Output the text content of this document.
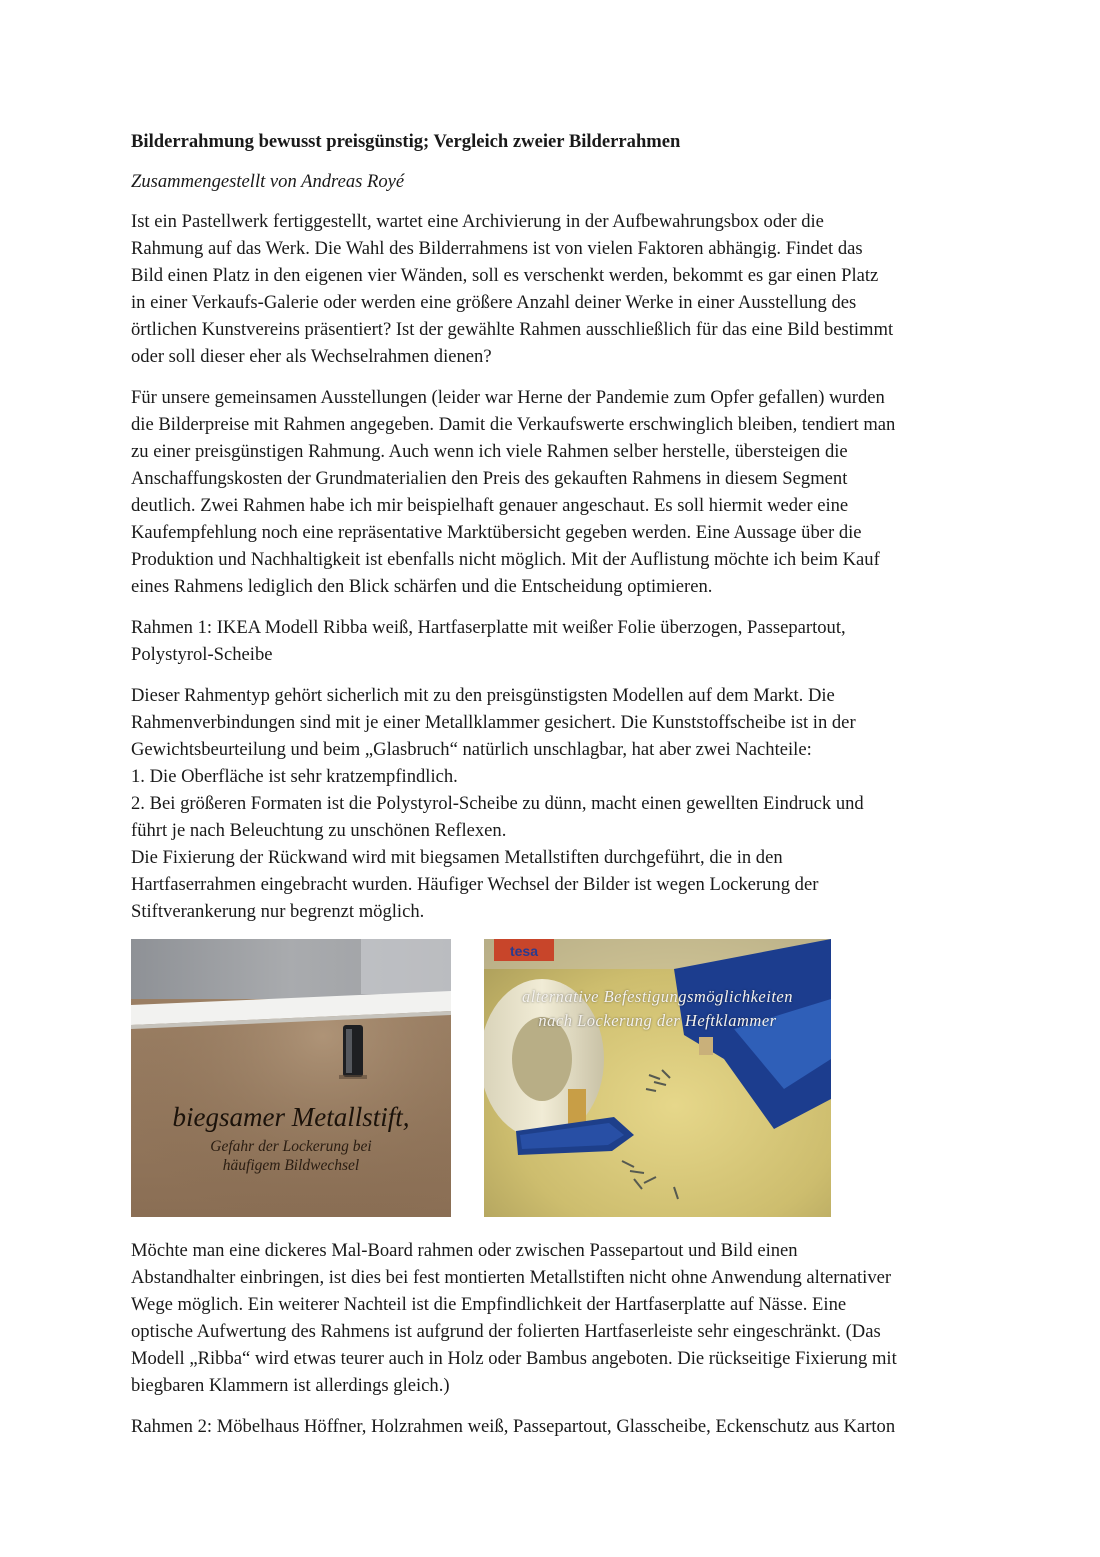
Bilderrahmung bewusst preisgünstig; Vergleich zweier Bilderrahmen
Zusammengestellt von Andreas Royé
Ist ein Pastellwerk fertiggestellt, wartet eine Archivierung in der Aufbewahrungsbox oder die
Rahmung auf das Werk. Die Wahl des Bilderrahmens ist von vielen Faktoren abhängig. Findet das
Bild einen Platz in den eigenen vier Wänden, soll es verschenkt werden, bekommt es gar einen Platz
in einer Verkaufs-Galerie oder werden eine größere Anzahl deiner Werke in einer Ausstellung des
örtlichen Kunstvereins präsentiert? Ist der gewählte Rahmen ausschließlich für das eine Bild bestimmt
oder soll dieser eher als Wechselrahmen dienen?
Für unsere gemeinsamen Ausstellungen (leider war Herne der Pandemie zum Opfer gefallen) wurden
die Bilderpreise mit Rahmen angegeben. Damit die Verkaufswerte erschwinglich bleiben, tendiert man
zu einer preisgünstigen Rahmung. Auch wenn ich viele Rahmen selber herstelle, übersteigen die
Anschaffungskosten der Grundmaterialien den Preis des gekauften Rahmens in diesem Segment
deutlich. Zwei Rahmen habe ich mir beispielhaft genauer angeschaut. Es soll hiermit weder eine
Kaufempfehlung noch eine repräsentative Marktübersicht gegeben werden. Eine Aussage über die
Produktion und Nachhaltigkeit ist ebenfalls nicht möglich. Mit der Auflistung möchte ich beim Kauf
eines Rahmens lediglich den Blick schärfen und die Entscheidung optimieren.
Rahmen 1: IKEA Modell Ribba weiß, Hartfaserplatte mit weißer Folie überzogen, Passepartout,
Polystyrol-Scheibe
Dieser Rahmentyp gehört sicherlich mit zu den preisgünstigsten Modellen auf dem Markt. Die
Rahmenverbindungen sind mit je einer Metallklammer gesichert. Die Kunststoffscheibe ist in der
Gewichtsbeurteilung und beim „Glasbruch“ natürlich unschlagbar, hat aber zwei Nachteile:
1. Die Oberfläche ist sehr kratzempfindlich.
2. Bei größeren Formaten ist die Polystyrol-Scheibe zu dünn, macht einen gewellten Eindruck und
führt je nach Beleuchtung zu unschönen Reflexen.
Die Fixierung der Rückwand wird mit biegsamen Metallstiften durchgeführt, die in den
Hartfaserrahmen eingebracht wurden. Häufiger Wechsel der Bilder ist wegen Lockerung der
Stiftverankerung nur begrenzt möglich.
biegsamer Metallstift,
Gefahr der Lockerung bei
häufigem Bildwechsel
tesa
alternative Befestigungsmöglichkeiten
nach Lockerung der Heftklammer
Möchte man eine dickeres Mal-Board rahmen oder zwischen Passepartout und Bild einen
Abstandhalter einbringen, ist dies bei fest montierten Metallstiften nicht ohne Anwendung alternativer
Wege möglich. Ein weiterer Nachteil ist die Empfindlichkeit der Hartfaserplatte auf Nässe. Eine
optische Aufwertung des Rahmens ist aufgrund der folierten Hartfaserleiste sehr eingeschränkt. (Das
Modell „Ribba“ wird etwas teurer auch in Holz oder Bambus angeboten. Die rückseitige Fixierung mit
biegbaren Klammern ist allerdings gleich.)
Rahmen 2: Möbelhaus Höffner, Holzrahmen weiß, Passepartout, Glasscheibe, Eckenschutz aus Karton
